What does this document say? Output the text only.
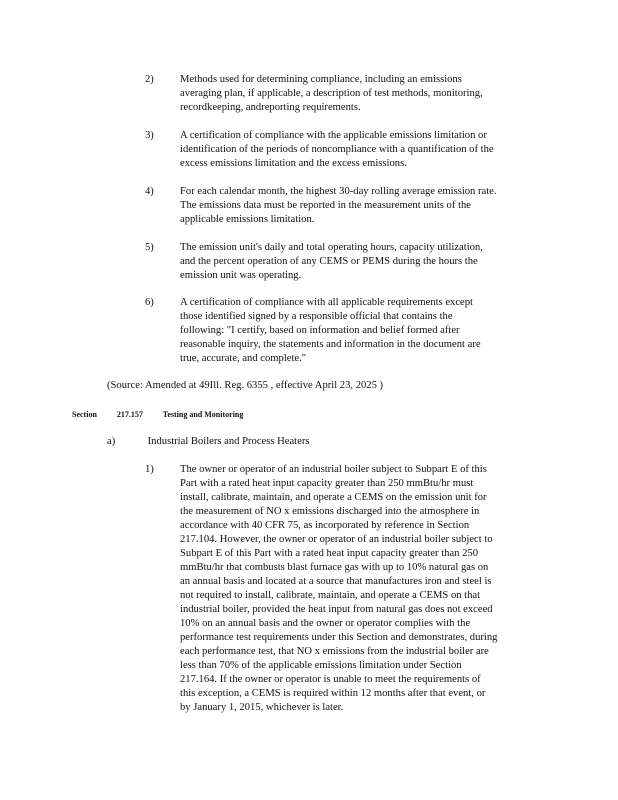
2) Methods used for determining compliance, including an emissions
averaging plan, if applicable, a description of test methods, monitoring,
recordkeeping, andreporting requirements.
3) A certification of compliance with the applicable emissions limitation or
identification of the periods of noncompliance with a quantification of the
excess emissions limitation and the excess emissions.
4) For each calendar month, the highest 30-day rolling average emission rate.
The emissions data must be reported in the measurement units of the
applicable emissions limitation.
5) The emission unit's daily and total operating hours, capacity utilization,
and the percent operation of any CEMS or PEMS during the hours the
emission unit was operating.
6) A certification of compliance with all applicable requirements except
those identified signed by a responsible official that contains the
following: "I certify, based on information and belief formed after
reasonable inquiry, the statements and information in the document are
true, accurate, and complete."
(Source: Amended at 49Ill. Reg. 6355 , effective April 23, 2025 )
Section	217.157 Testing and Monitoring
a)	Industrial Boilers and Process Heaters
1) The owner or operator of an industrial boiler subject to Subpart E of this
Part with a rated heat input capacity greater than 250 mmBtu/hr must
install, calibrate, maintain, and operate a CEMS on the emission unit for
the measurement of NO x emissions discharged into the atmosphere in
accordance with 40 CFR 75, as incorporated by reference in Section
217.104. However, the owner or operator of an industrial boiler subject to
Subpart E of this Part with a rated heat input capacity greater than 250
mmBtu/hr that combusts blast furnace gas with up to 10% natural gas on
an annual basis and located at a source that manufactures iron and steel is
not required to install, calibrate, maintain, and operate a CEMS on that
industrial boiler, provided the heat input from natural gas does not exceed
10% on an annual basis and the owner or operator complies with the
performance test requirements under this Section and demonstrates, during
each performance test, that NO x emissions from the industrial boiler are
less than 70% of the applicable emissions limitation under Section
217.164. If the owner or operator is unable to meet the requirements of
this exception, a CEMS is required within 12 months after that event, or
by January 1, 2015, whichever is later.
